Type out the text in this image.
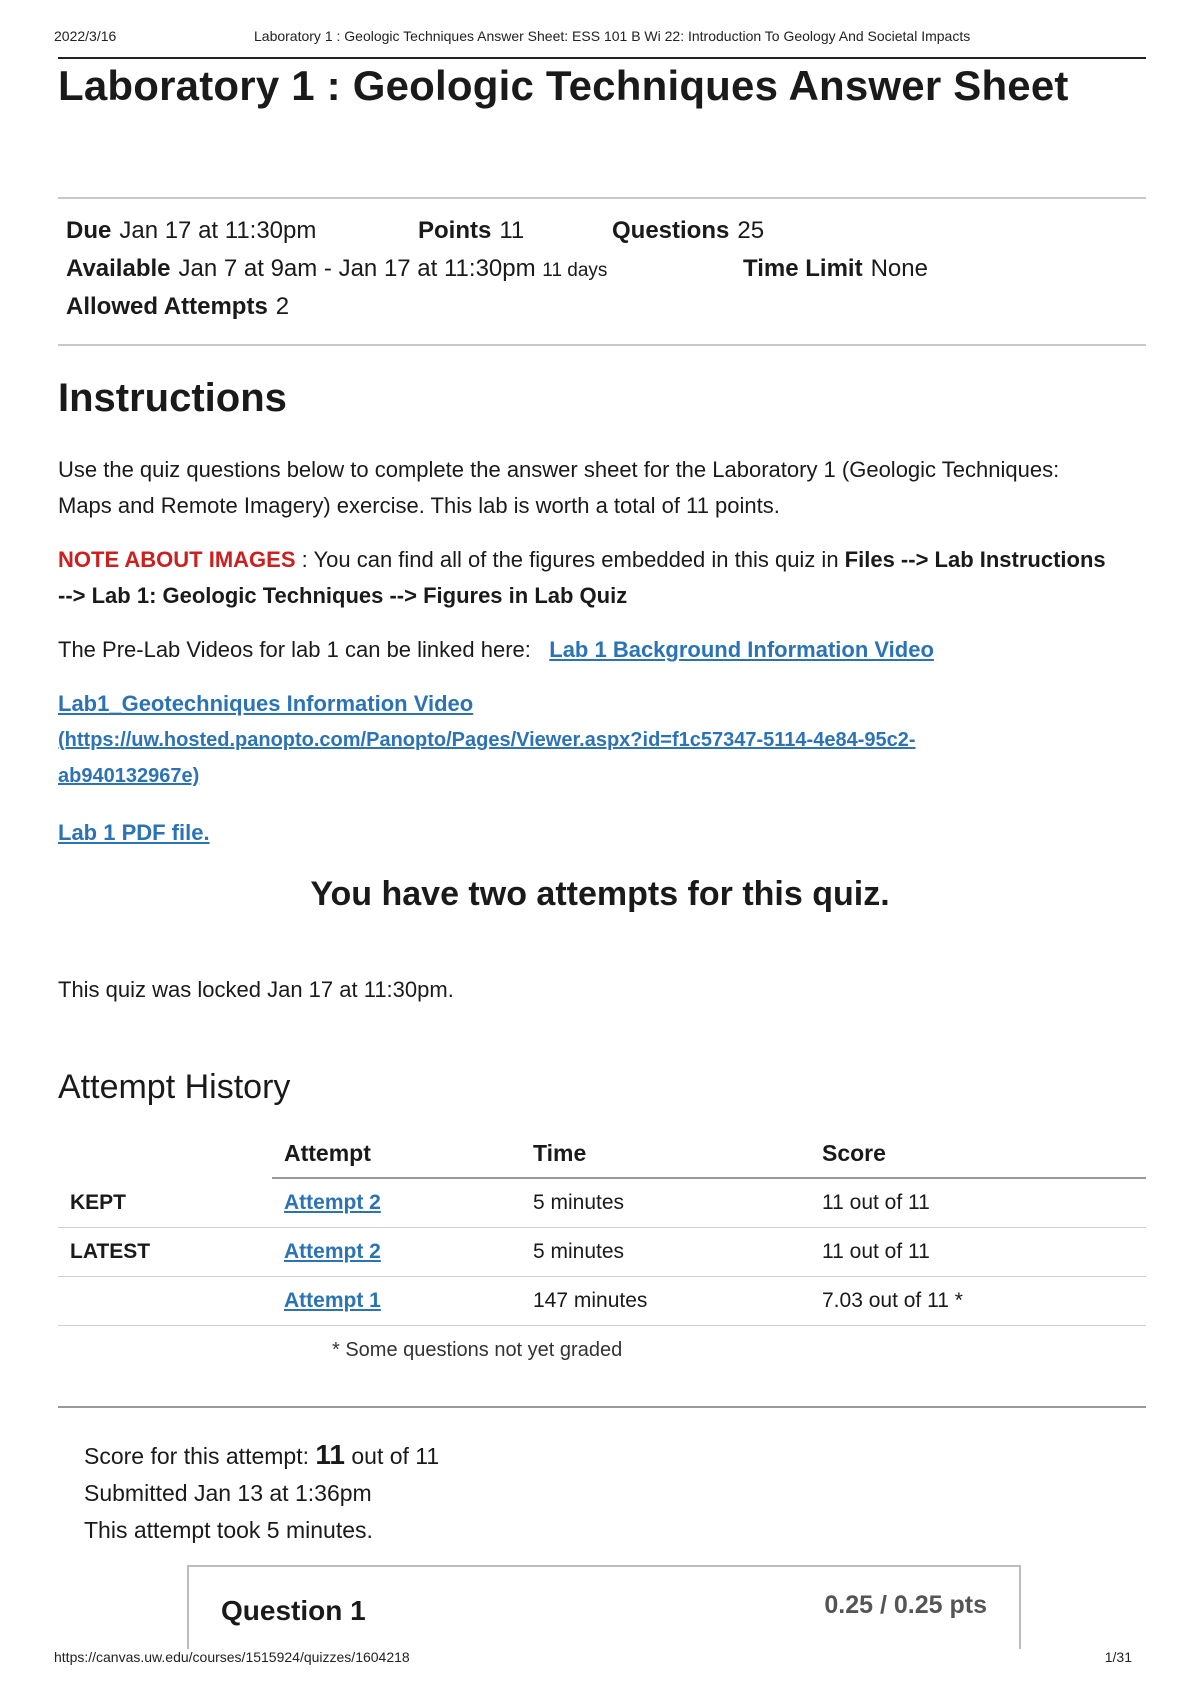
2022/3/16	Laboratory 1 : Geologic Techniques Answer Sheet: ESS 101 B Wi 22: Introduction To Geology And Societal Impacts
Laboratory 1 : Geologic Techniques Answer Sheet
Due Jan 17 at 11:30pm	Points 11	Questions 25
Available Jan 7 at 9am - Jan 17 at 11:30pm 11 days	Time Limit None
Allowed Attempts 2
Instructions
Use the quiz questions below to complete the answer sheet for the Laboratory 1 (Geologic Techniques: Maps and Remote Imagery) exercise. This lab is worth a total of 11 points.
NOTE ABOUT IMAGES : You can find all of the figures embedded in this quiz in Files --> Lab Instructions --> Lab 1: Geologic Techniques --> Figures in Lab Quiz
The Pre-Lab Videos for lab 1 can be linked here: Lab 1 Background Information Video
Lab1_Geotechniques Information Video
(https://uw.hosted.panopto.com/Panopto/Pages/Viewer.aspx?id=f1c57347-5114-4e84-95c2-ab940132967e)
Lab 1 PDF file.
You have two attempts for this quiz.
This quiz was locked Jan 17 at 11:30pm.
Attempt History
	Attempt	Time	Score
KEPT	Attempt 2	5 minutes	11 out of 11
LATEST	Attempt 2	5 minutes	11 out of 11
	Attempt 1	147 minutes	7.03 out of 11 *
	* Some questions not yet graded		
Score for this attempt: 11 out of 11
Submitted Jan 13 at 1:36pm
This attempt took 5 minutes.
Question 1	0.25 / 0.25 pts
https://canvas.uw.edu/courses/1515924/quizzes/1604218	1/31
